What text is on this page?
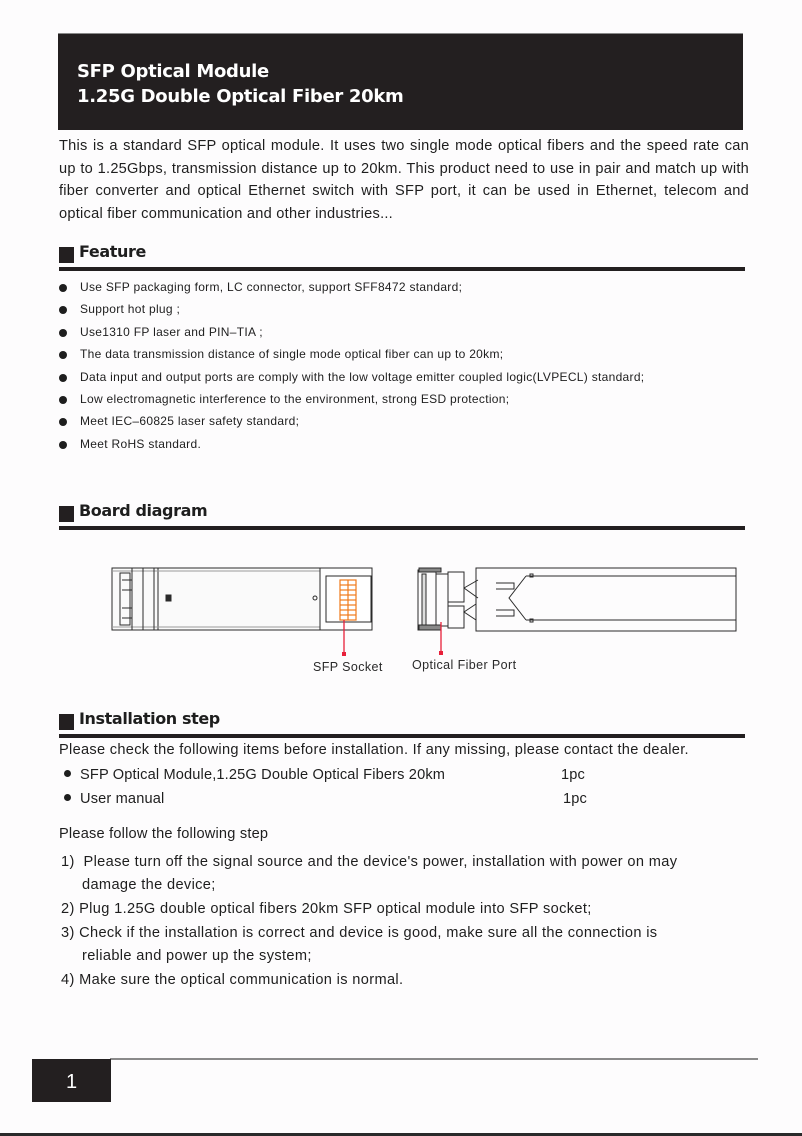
SFP Optical Module
1.25G Double Optical Fiber 20km

This is a standard SFP optical module. It uses two single mode optical fibers and the speed rate can up to 1.25Gbps, transmission distance up to 20km. This product need to use in pair and match up with fiber converter and optical Ethernet switch with SFP port, it can be used in Ethernet, telecom and optical fiber communication and other industries...

Feature
Use SFP packaging form, LC connector, support SFF8472 standard;
Support hot plug ;
Use1310 FP laser and PIN–TIA ;
The data transmission distance of single mode optical fiber can up to 20km;
Data input and output ports are comply with the low voltage emitter coupled logic(LVPECL) standard;
Low electromagnetic interference to the environment, strong ESD protection;
Meet IEC–60825 laser safety standard;
Meet RoHS standard.
Board diagram
SFP Socket Optical Fiber Port
Installation step
Please check the following items before installation. If any missing, please contact the dealer.
SFP Optical Module,1.25G Double Optical Fibers 20km	1pc
User manual	1pc
Please follow the following step
1)  Please turn off the signal source and the device's power, installation with power on may
damage the device;
2) Plug 1.25G double optical fibers 20km SFP optical module into SFP socket;
3) Check if the installation is correct and device is good, make sure all the connection is
reliable and power up the system;
4) Make sure the optical communication is normal.
1
